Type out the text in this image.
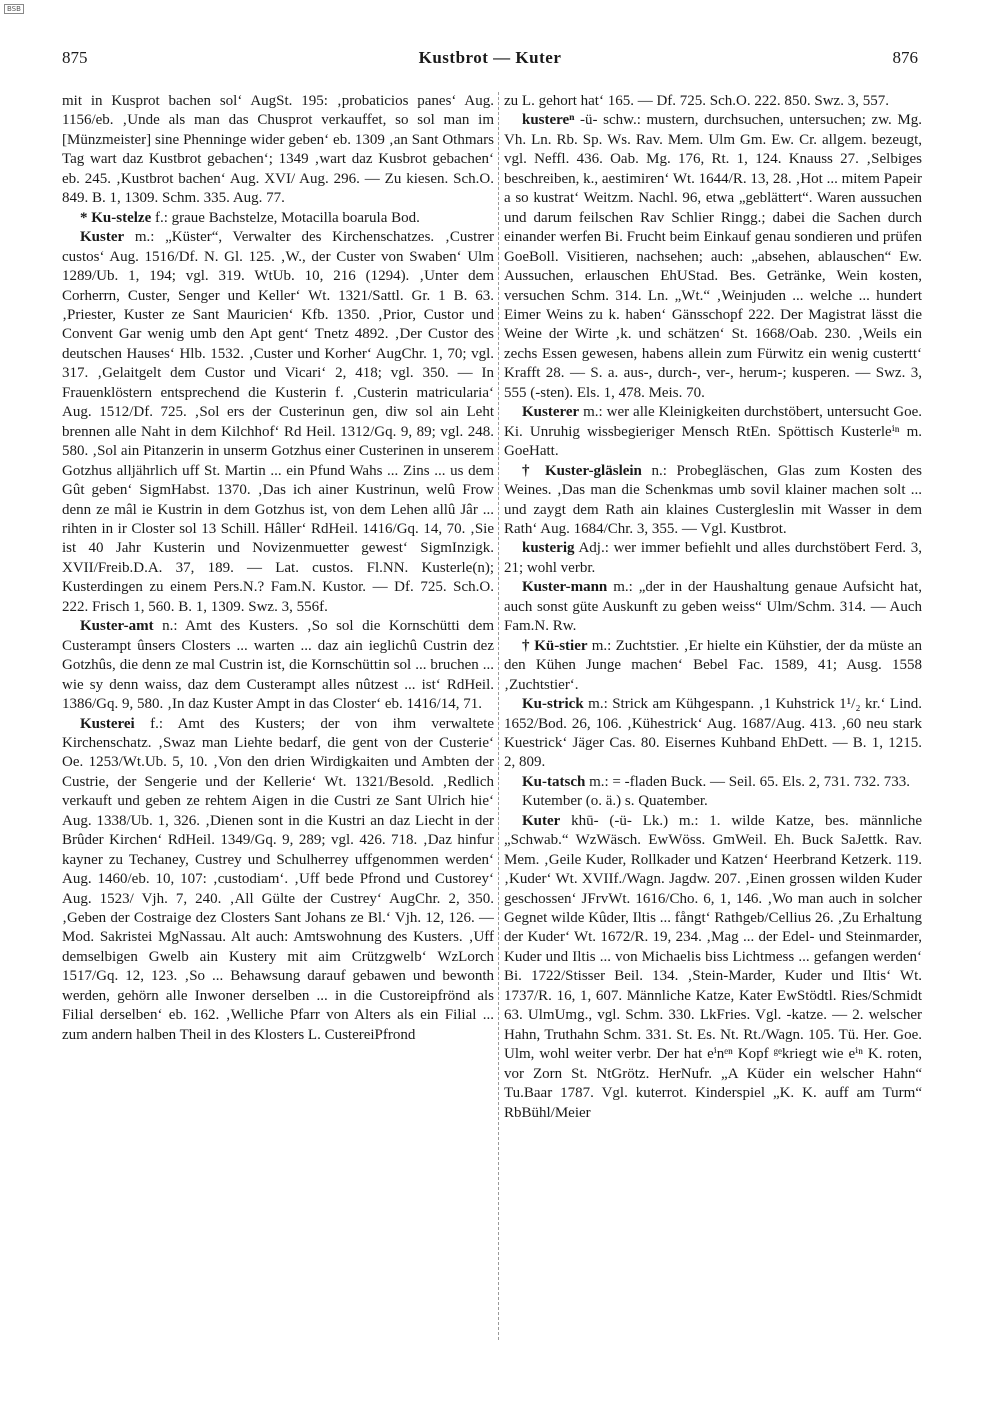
BSB
875	Kustbrot — Kuter	876

mit in Kusprot bachen sol‘ AugSt. 195: ‚probaticios panes‘ Aug. 1156/eb. ‚Unde als man das Chusprot verkauffet, so sol man im [Münzmeister] sine Phenninge wider geben‘ eb. 1309 ‚an Sant Othmars Tag wart daz Kustbrot gebachen‘; 1349 ‚wart daz Kusbrot gebachen‘ eb. 245. ‚Kustbrot bachen‘ Aug. XVI/ Aug. 296. — Zu kiesen. Sch.O. 849. B. 1, 1309. Schm. 335. Aug. 77.

* Ku-stelze f.: graue Bachstelze, Motacilla boarula Bod.

Kuster m.: „Küster“, Verwalter des Kirchenschatzes. ‚Custrer custos‘ Aug. 1516/Df. N. Gl. 125. ‚W., der Custer von Swaben‘ Ulm 1289/Ub. 1, 194; vgl. 319. WtUb. 10, 216 (1294). ‚Unter dem Corherrn, Custer, Senger und Keller‘ Wt. 1321/Sattl. Gr. 1 B. 63. ‚Priester, Kuster ze Sant Mauricien‘ Kfb. 1350. ‚Prior, Custor und Convent Gar wenig umb den Apt gent‘ Tnetz 4892. ‚Der Custor des deutschen Hauses‘ Hlb. 1532. ‚Custer und Korher‘ AugChr. 1, 70; vgl. 317. ‚Gelaitgelt dem Custor und Vicari‘ 2, 418; vgl. 350. — In Frauenklöstern entsprechend die Kusterin f. ‚Custerin matricularia‘ Aug. 1512/Df. 725. ‚Sol ers der Custerinun gen, diw sol ain Leht brennen alle Naht in dem Kilchhof‘ Rd Heil. 1312/Gq. 9, 89; vgl. 248. 580. ‚Sol ain Pitanzerin in unserm Gotzhus einer Custerinen in unserem Gotzhus alljährlich uff St. Martin ... ein Pfund Wahs ... Zins ... us dem Gût geben‘ SigmHabst. 1370. ‚Das ich ainer Kustrinun, welû Frow denn ze mâl ie Kustrin in dem Gotzhus ist, von dem Lehen allû Jâr ... rihten in ir Closter sol 13 Schill. Hâller‘ RdHeil. 1416/Gq. 14, 70. ‚Sie ist 40 Jahr Kusterin und Novizenmuetter gewest‘ SigmInzigk. XVII/Freib.D.A. 37, 189. — Lat. custos. Fl.NN. Kusterle(n); Kusterdingen zu einem Pers.N.? Fam.N. Kustor. — Df. 725. Sch.O. 222. Frisch 1, 560. B. 1, 1309. Swz. 3, 556f.

Kuster-amt n.: Amt des Kusters. ‚So sol die Kornschütti dem Custerampt ûnsers Closters ... warten ... daz ain ieglichû Custrin dez Gotzhûs, die denn ze mal Custrin ist, die Kornschüttin sol ... bruchen ... wie sy denn waiss, daz dem Custerampt alles nûtzest ... ist‘ RdHeil. 1386/Gq. 9, 580. ‚In daz Kuster Ampt in das Closter‘ eb. 1416/14, 71.

Kusterei f.: Amt des Kusters; der von ihm verwaltete Kirchenschatz. ‚Swaz man Liehte bedarf, die gent von der Custerie‘ Oe. 1253/Wt.Ub. 5, 10. ‚Von den drien Wirdigkaiten und Ambten der Custrie, der Sengerie und der Kellerie‘ Wt. 1321/Besold. ‚Redlich verkauft und geben ze rehtem Aigen in die Custri ze Sant Ulrich hie‘ Aug. 1338/Ub. 1, 326. ‚Dienen sont in die Kustri an daz Liecht in der Brûder Kirchen‘ RdHeil. 1349/Gq. 9, 289; vgl. 426. 718. ‚Daz hinfur kayner zu Techaney, Custrey und Schulherrey uffgenommen werden‘ Aug. 1460/eb. 10, 107: ‚custodiam‘. ‚Uff bede Pfrond und Custorey‘ Aug. 1523/ Vjh. 7, 240. ‚All Gülte der Custrey‘ AugChr. 2, 350. ‚Geben der Costraige dez Closters Sant Johans ze Bl.‘ Vjh. 12, 126. — Mod. Sakristei MgNassau. Alt auch: Amtswohnung des Kusters. ‚Uff demselbigen Gwelb ain Kustery mit aim Crützgwelb‘ WzLorch 1517/Gq. 12, 123. ‚So ... Behawsung darauf gebawen und bewonth werden, gehörn alle Inwoner derselben ... in die Custoreipfrönd als Filial derselben‘ eb. 162. ‚Welliche Pfarr von Alters als ein Filial ... zum andern halben Theil in des Klosters L. CustereiPfrond

zu L. gehort hat‘ 165. — Df. 725. Sch.O. 222. 850. Swz. 3, 557.

kustereⁿ -ü- schw.: mustern, durchsuchen, untersuchen; zw. Mg. Vh. Ln. Rb. Sp. Ws. Rav. Mem. Ulm Gm. Ew. Cr. allgem. bezeugt, vgl. Neffl. 436. Oab. Mg. 176, Rt. 1, 124. Knauss 27. ‚Selbiges beschreiben, k., aestimiren‘ Wt. 1644/R. 13, 28. ‚Hot ... mitem Papeir a so kustrat‘ Weitzm. Nachl. 96, etwa „geblättert“. Waren aussuchen und darum feilschen Rav Schlier Ringg.; dabei die Sachen durch einander werfen Bi. Frucht beim Einkauf genau sondieren und prüfen GoeBoll. Visitieren, nachsehen; auch: „absehen, ablauschen“ Ew. Aussuchen, erlauschen EhUStad. Bes. Getränke, Wein kosten, versuchen Schm. 314. Ln. „Wt.“ ‚Weinjuden ... welche ... hundert Eimer Weins zu k. haben‘ Gänsschopf 222. Der Magistrat lässt die Weine der Wirte ‚k. und schätzen‘ St. 1668/Oab. 230. ‚Weils ein zechs Essen gewesen, habens allein zum Fürwitz ein wenig custertt‘ Krafft 28. — S. a. aus-, durch-, ver-, herum-; kusperen. — Swz. 3, 555 (-sten). Els. 1, 478. Meis. 70.

Kusterer m.: wer alle Kleinigkeiten durchstöbert, untersucht Goe. Ki. Unruhig wissbegieriger Mensch RtEn. Spöttisch Kusterleⁱⁿ m. GoeHatt.

† Kuster-gläslein n.: Probegläschen, Glas zum Kosten des Weines. ‚Das man die Schenkmas umb sovil klainer machen solt ... und zaygt dem Rath ain klaines Custergleslin mit Wasser in dem Rath‘ Aug. 1684/Chr. 3, 355. — Vgl. Kustbrot.

kusterig Adj.: wer immer befiehlt und alles durchstöbert Ferd. 3, 21; wohl verbr.

Kuster-mann m.: „der in der Haushaltung genaue Aufsicht hat, auch sonst güte Auskunft zu geben weiss“ Ulm/Schm. 314. — Auch Fam.N. Rw.

† Kü-stier m.: Zuchtstier. ‚Er hielte ein Kühstier, der da müste an den Kühen Junge machen‘ Bebel Fac. 1589, 41; Ausg. 1558 ‚Zuchtstier‘.

Ku-strick m.: Strick am Kühgespann. ‚1 Kuhstrick 1¹/₂ kr.‘ Lind. 1652/Bod. 26, 106. ‚Kühestrick‘ Aug. 1687/Aug. 413. ‚60 neu stark Kuestrick‘ Jäger Cas. 80. Eisernes Kuhband EhDett. — B. 1, 1215. 2, 809.

Ku-tatsch m.: = -fladen Buck. — Seil. 65. Els. 2, 731. 732. 733.

Kutember (o. ä.) s. Quatember.

Kuter khū- (-ü- Lk.) m.: 1. wilde Katze, bes. männliche „Schwab.“ WzWäsch. EwWöss. GmWeil. Eh. Buck SaJettk. Rav. Mem. ‚Geile Kuder, Rollkader und Katzen‘ Heerbrand Ketzerk. 119. ‚Kuder‘ Wt. XVIIf./Wagn. Jagdw. 207. ‚Einen grossen wilden Kuder geschossen‘ JFrvWt. 1616/Cho. 6, 1, 146. ‚Wo man auch in solcher Gegnet wilde Kûder, Iltis ... fångt‘ Rathgeb/Cellius 26. ‚Zu Erhaltung der Kuder‘ Wt. 1672/R. 19, 234. ‚Mag ... der Edel- und Steinmarder, Kuder und Iltis ... von Michaelis biss Lichtmess ... gefangen werden‘ Bi. 1722/Stisser Beil. 134. ‚Stein-Marder, Kuder und Iltis‘ Wt. 1737/R. 16, 1, 607. Männliche Katze, Kater EwStödtl. Ries/Schmidt 63. UlmUmg., vgl. Schm. 330. LkFries. Vgl. -katze. — 2. welscher Hahn, Truthahn Schm. 331. St. Es. Nt. Rt./Wagn. 105. Tü. Her. Goe. Ulm, wohl weiter verbr. Der hat eⁱnᵉⁿ Kopf ᵍᵉkriegt wie eⁱⁿ K. roten, vor Zorn St. NtGrötz. HerNufr. „A Küder ein welscher Hahn“ Tu.Baar 1787. Vgl. kuterrot. Kinderspiel „K. K. auff am Turm“ RbBühl/Meier
